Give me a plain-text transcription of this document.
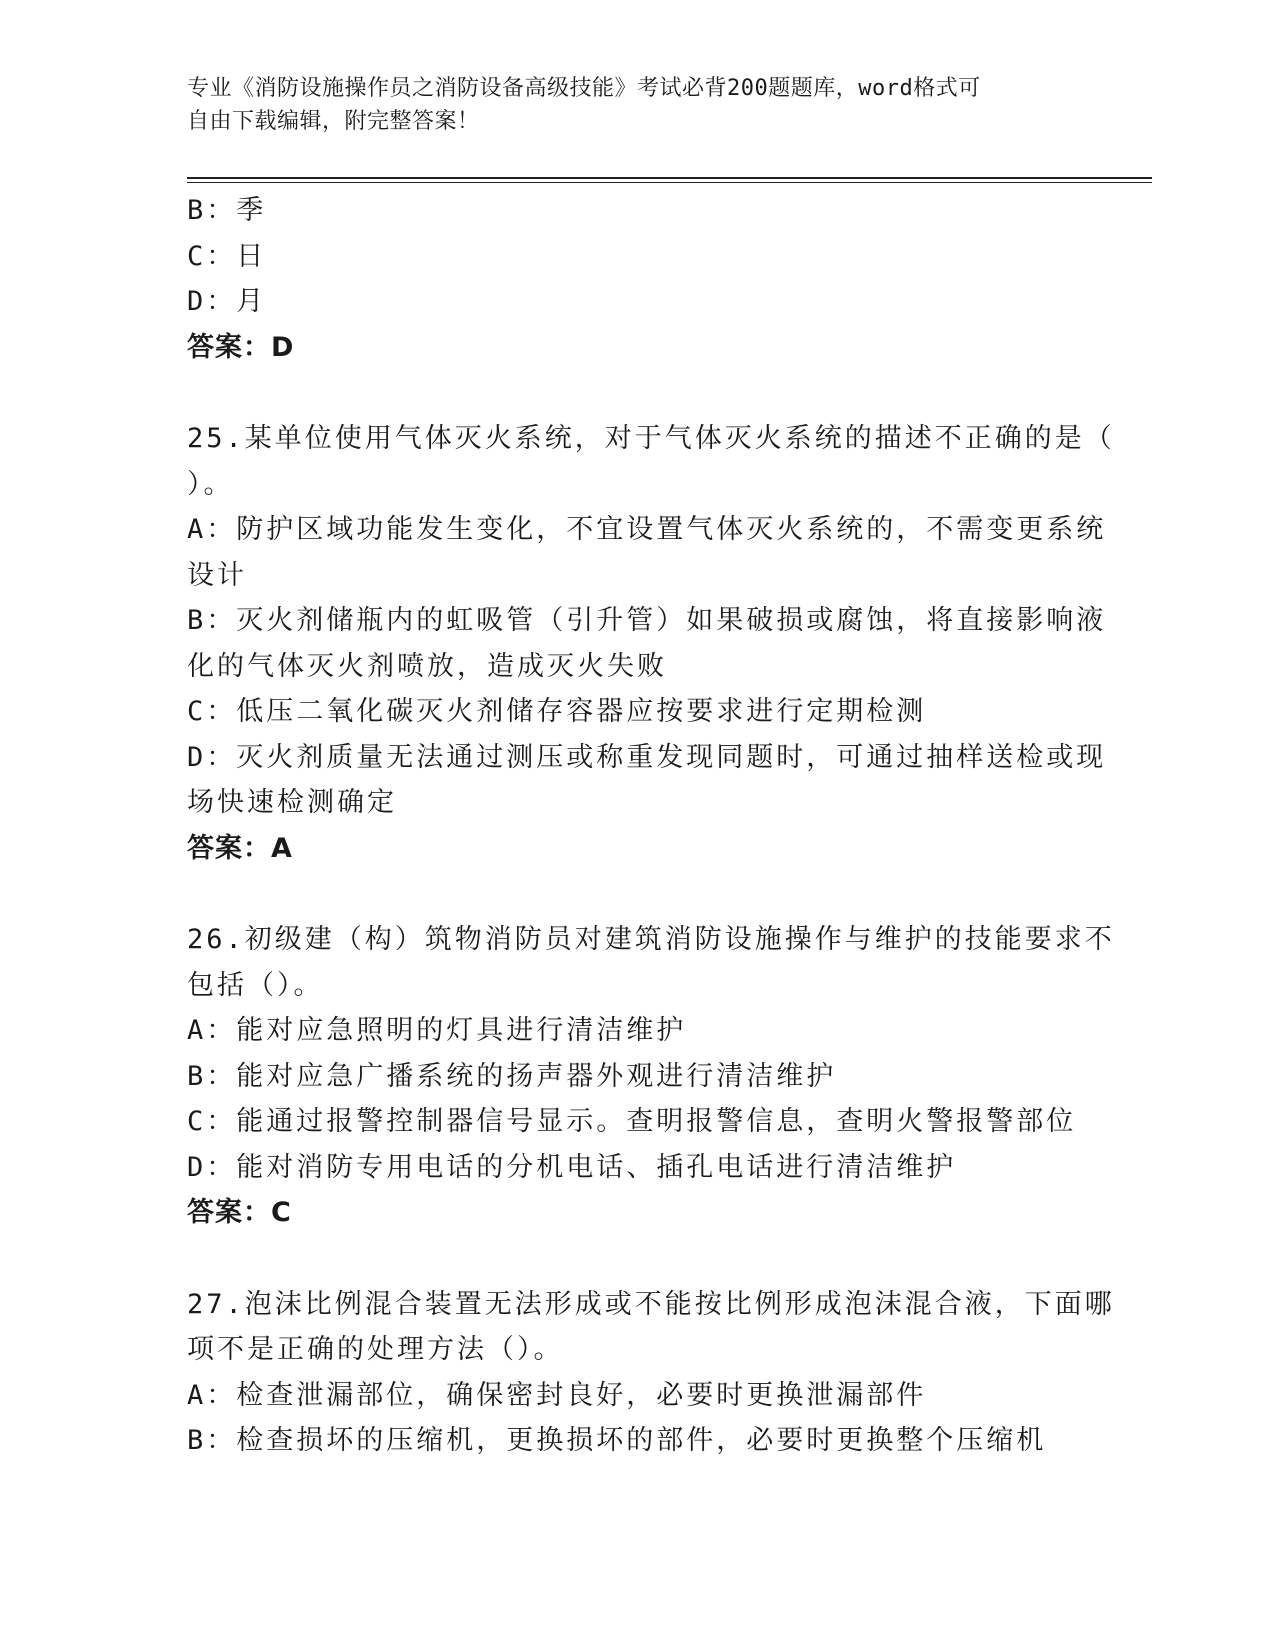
专业《消防设施操作员之消防设备高级技能》考试必背200题题库，word格式可
自由下载编辑，附完整答案！
B：季
C：日
D：月
答案：D
25.某单位使用气体灭火系统，对于气体灭火系统的描述不正确的是（
）。
A：防护区域功能发生变化，不宜设置气体灭火系统的，不需变更系统
设计
B：灭火剂储瓶内的虹吸管（引升管）如果破损或腐蚀，将直接影响液
化的气体灭火剂喷放，造成灭火失败
C：低压二氧化碳灭火剂储存容器应按要求进行定期检测
D：灭火剂质量无法通过测压或称重发现同题时，可通过抽样送检或现
场快速检测确定
答案：A
26.初级建（构）筑物消防员对建筑消防设施操作与维护的技能要求不
包括（）。
A：能对应急照明的灯具进行清洁维护
B：能对应急广播系统的扬声器外观进行清洁维护
C：能通过报警控制器信号显示。查明报警信息，查明火警报警部位
D：能对消防专用电话的分机电话、插孔电话进行清洁维护
答案：C
27.泡沫比例混合装置无法形成或不能按比例形成泡沫混合液，下面哪
项不是正确的处理方法（）。
A：检查泄漏部位，确保密封良好，必要时更换泄漏部件
B：检查损坏的压缩机，更换损坏的部件，必要时更换整个压缩机
